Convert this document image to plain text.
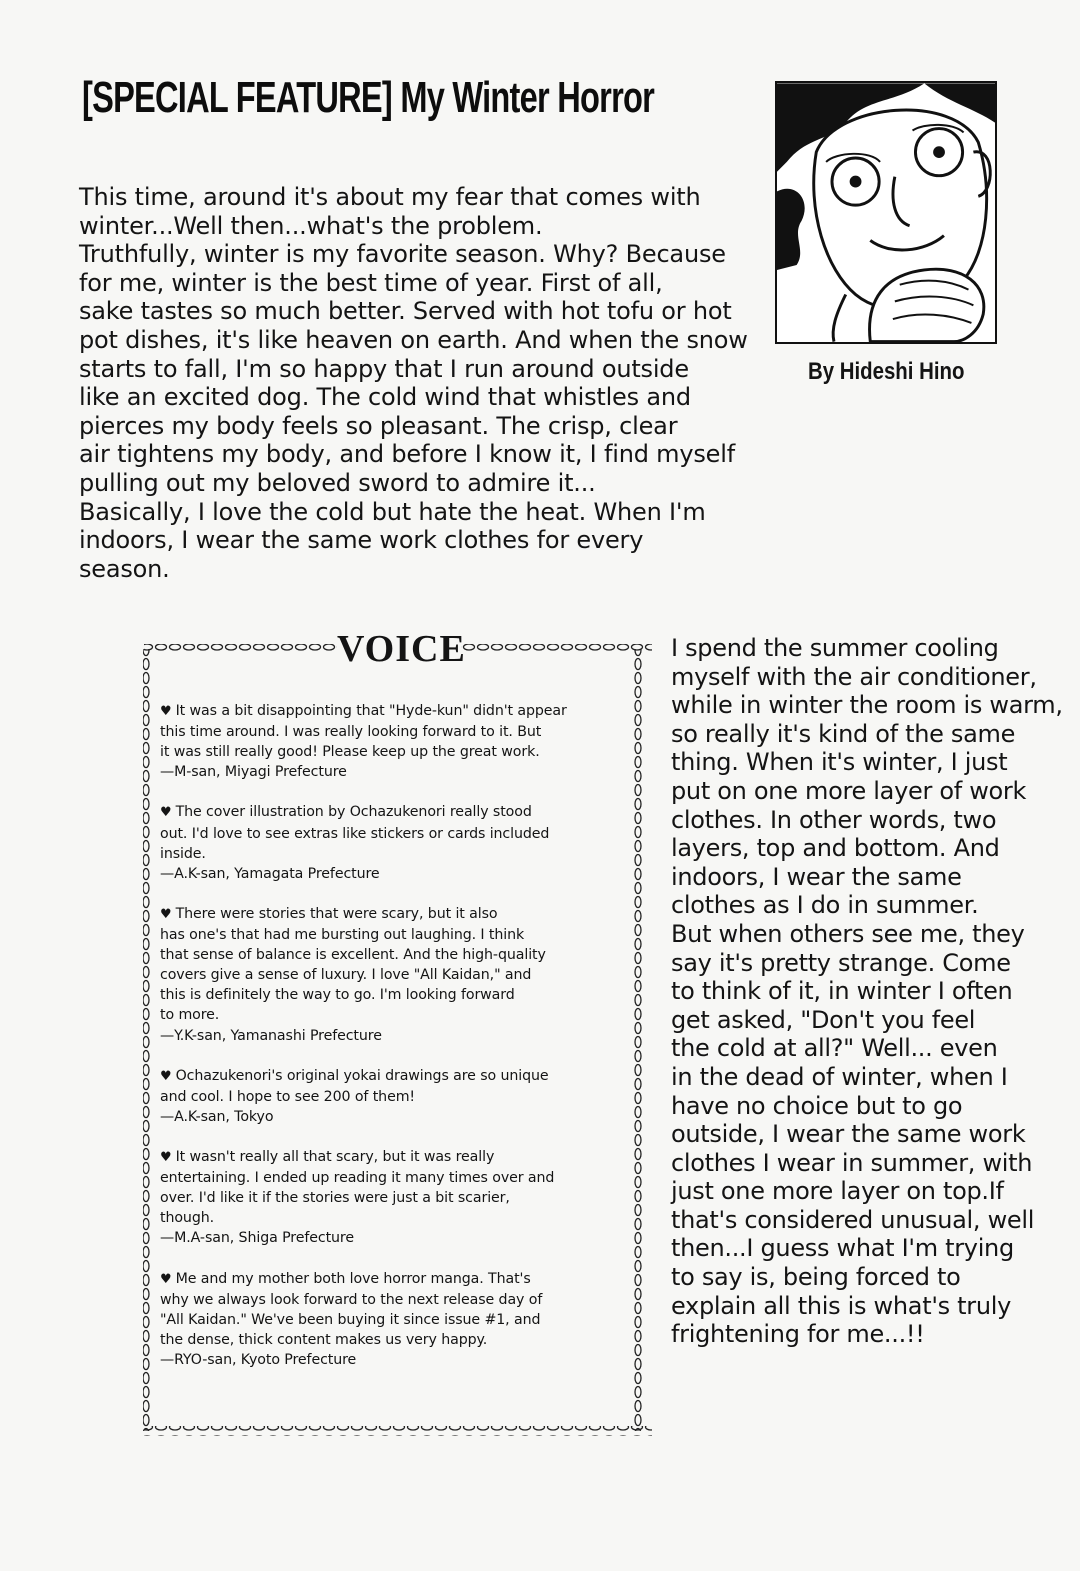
[SPECIAL FEATURE] My Winter Horror
This time, around it's about my fear that comes with
winter...Well then...what's the problem.
Truthfully, winter is my favorite season. Why? Because
for me, winter is the best time of year. First of all,
sake tastes so much better. Served with hot tofu or hot
pot dishes, it's like heaven on earth. And when the snow
starts to fall, I'm so happy that I run around outside
like an excited dog. The cold wind that whistles and
pierces my body feels so pleasant. The crisp, clear
air tightens my body, and before I know it, I find myself
pulling out my beloved sword to admire it...
Basically, I love the cold but hate the heat. When I'm
indoors, I wear the same work clothes for every
season.

By Hideshi Hino

VOICE
♥ It was a bit disappointing that "Hyde-kun" didn't appear
this time around. I was really looking forward to it. But
it was still really good! Please keep up the great work.
—M-san, Miyagi Prefecture
♥ The cover illustration by Ochazukenori really stood
out. I'd love to see extras like stickers or cards included
inside.
—A.K-san, Yamagata Prefecture
♥ There were stories that were scary, but it also
has one's that had me bursting out laughing. I think
that sense of balance is excellent. And the high-quality
covers give a sense of luxury. I love "All Kaidan," and
this is definitely the way to go. I'm looking forward
to more.
—Y.K-san, Yamanashi Prefecture
♥ Ochazukenori's original yokai drawings are so unique
and cool. I hope to see 200 of them!
—A.K-san, Tokyo
♥ It wasn't really all that scary, but it was really
entertaining. I ended up reading it many times over and
over. I'd like it if the stories were just a bit scarier,
though.
—M.A-san, Shiga Prefecture
♥ Me and my mother both love horror manga. That's
why we always look forward to the next release day of
"All Kaidan." We've been buying it since issue #1, and
the dense, thick content makes us very happy.
—RYO-san, Kyoto Prefecture
I spend the summer cooling
myself with the air conditioner,
while in winter the room is warm,
so really it's kind of the same
thing. When it's winter, I just
put on one more layer of work
clothes. In other words, two
layers, top and bottom. And
indoors, I wear the same
clothes as I do in summer.
But when others see me, they
say it's pretty strange. Come
to think of it, in winter I often
get asked, "Don't you feel
the cold at all?" Well... even
in the dead of winter, when I
have no choice but to go
outside, I wear the same work
clothes I wear in summer, with
just one more layer on top.If
that's considered unusual, well
then...I guess what I'm trying
to say is, being forced to
explain all this is what's truly
frightening for me...!!
